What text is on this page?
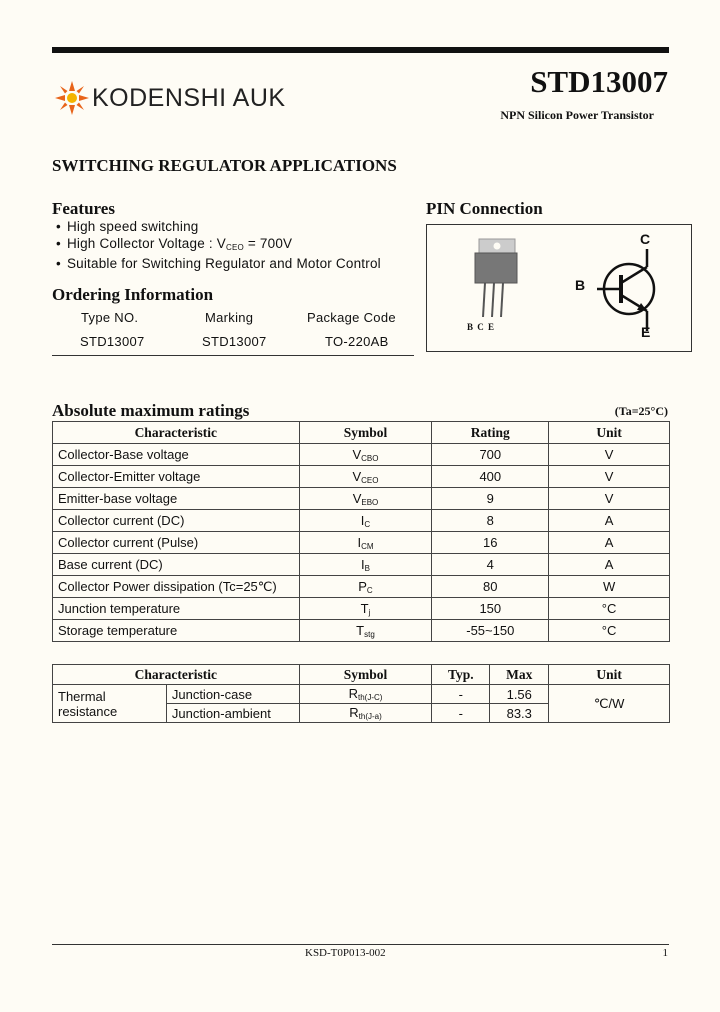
KODENSHI AUK	STD13007
NPN Silicon Power Transistor
SWITCHING REGULATOR APPLICATIONS
Features
• High speed switching
• High Collector Voltage : $V_{CEO} = 700V$
• Suitable for Switching Regulator and Motor Control
Ordering Information
Type NO.	Marking	Package Code
STD13007	STD13007	TO-220AB
PIN Connection
B C E
C
B
E
Absolute maximum ratings	(Ta=25°C)
Characteristic	Symbol	Rating	Unit
Collector-Base voltage	$V_{CBO}$	700	V
Collector-Emitter voltage	$V_{CEO}$	400	V
Emitter-base voltage	$V_{EBO}$	9	V
Collector current (DC)	$I_C$	8	A
Collector current (Pulse)	$I_{CM}$	16	A
Base current (DC)	$I_B$	4	A
Collector Power dissipation (Tc=25℃)	$P_C$	80	W
Junction temperature	$T_j$	150	°C
Storage temperature	$T_{stg}$	-55~150	°C
Characteristic		Symbol	Typ.	Max	Unit
Thermal resistance	Junction-case	$R_{th(J-C)}$	-	1.56	℃/W
	Junction-ambient	$R_{th(J-a)}$	-	83.3	
KSD-T0P013-002	1
